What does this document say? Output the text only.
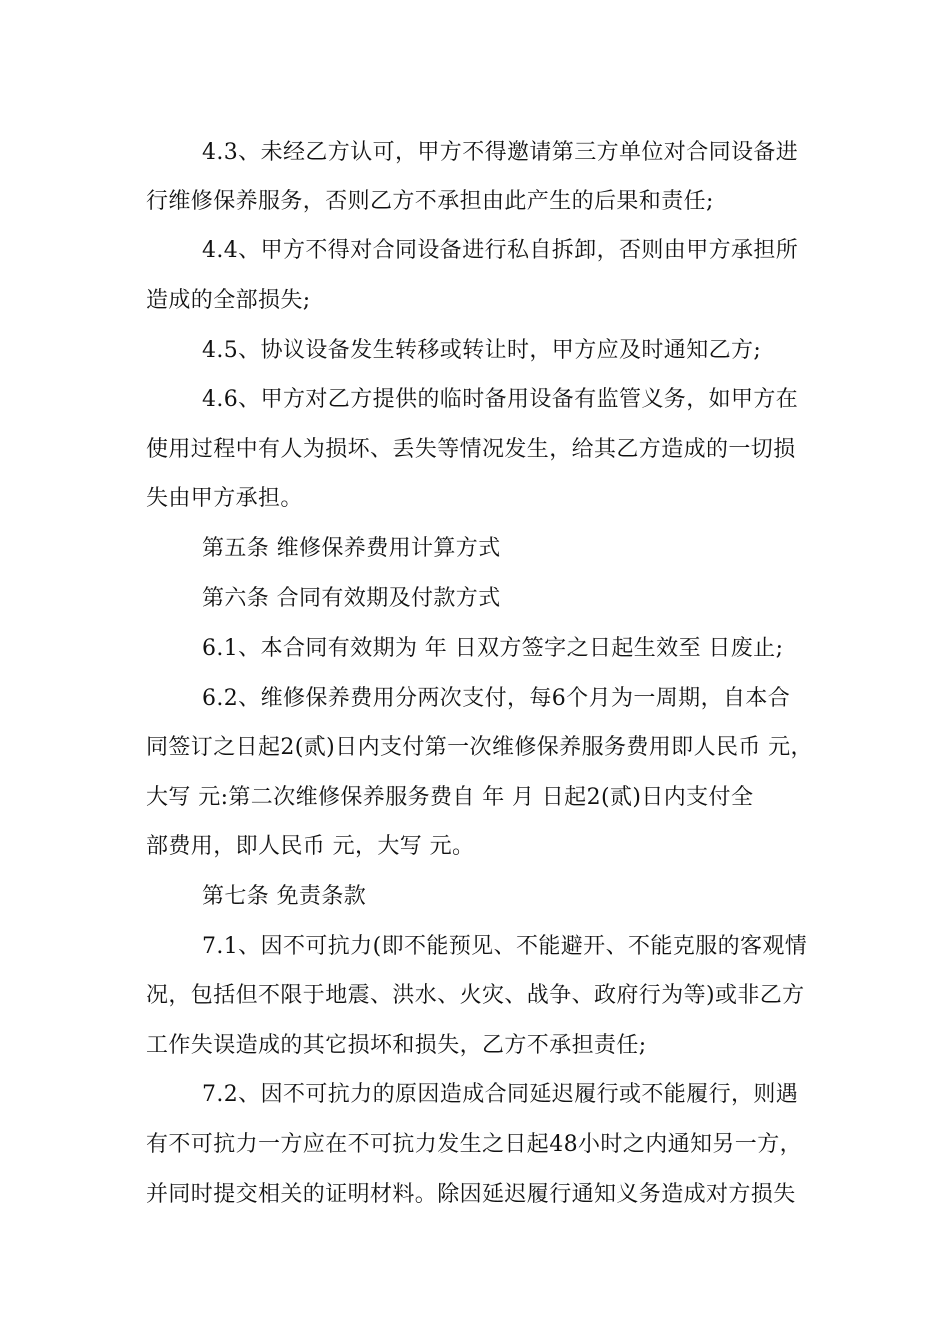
4.3、未经乙方认可，甲方不得邀请第三方单位对合同设备进
行维修保养服务，否则乙方不承担由此产生的后果和责任;
4.4、甲方不得对合同设备进行私自拆卸，否则由甲方承担所
造成的全部损失;
4.5、协议设备发生转移或转让时，甲方应及时通知乙方;
4.6、甲方对乙方提供的临时备用设备有监管义务，如甲方在
使用过程中有人为损坏、丢失等情况发生，给其乙方造成的一切损
失由甲方承担。
第五条 维修保养费用计算方式
第六条 合同有效期及付款方式
6.1、本合同有效期为 年 日双方签字之日起生效至 日废止;
6.2、维修保养费用分两次支付，每6个月为一周期，自本合
同签订之日起2(贰)日内支付第一次维修保养服务费用即人民币 元，
大写 元:第二次维修保养服务费自 年 月 日起2(贰)日内支付全
部费用，即人民币 元，大写 元。
第七条 免责条款
7.1、因不可抗力(即不能预见、不能避开、不能克服的客观情
况，包括但不限于地震、洪水、火灾、战争、政府行为等)或非乙方
工作失误造成的其它损坏和损失，乙方不承担责任;
7.2、因不可抗力的原因造成合同延迟履行或不能履行，则遇
有不可抗力一方应在不可抗力发生之日起48小时之内通知另一方，
并同时提交相关的证明材料。除因延迟履行通知义务造成对方损失
